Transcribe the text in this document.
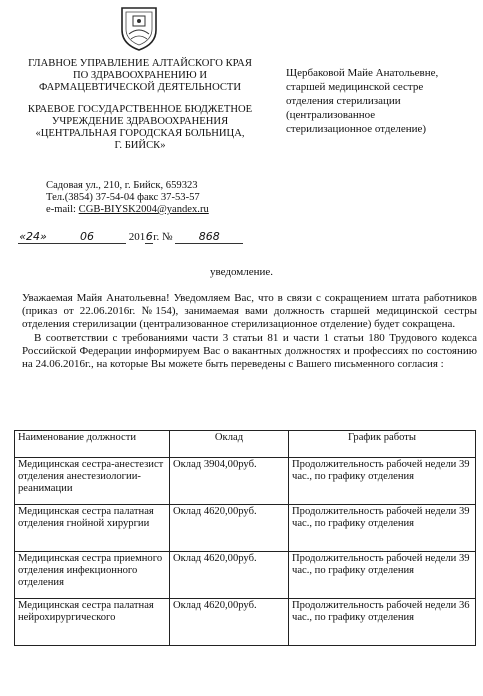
ГЛАВНОЕ УПРАВЛЕНИЕ АЛТАЙСКОГО КРАЯ
ПО ЗДРАВООХРАНЕНИЮ И
ФАРМАЦЕВТИЧЕСКОЙ ДЕЯТЕЛЬНОСТИ
КРАЕВОЕ ГОСУДАРСТВЕННОЕ БЮДЖЕТНОЕ
УЧРЕЖДЕНИЕ ЗДРАВООХРАНЕНИЯ
«ЦЕНТРАЛЬНАЯ ГОРОДСКАЯ БОЛЬНИЦА,
Г. БИЙСК»
Садовая ул., 210, г. Бийск, 659323
Тел.(3854) 37-54-04 факс 37-53-57
e-mail: CGB-BIYSK2004@yandex.ru
Щербаковой Майе Анатольевне,
старшей медицинской сестре
отделения стерилизации
(централизованное
стерилизационное отделение)
«24»	06	2016г. № 868
уведомление.

Уважаемая Майя Анатольевна! Уведомляем Вас, что в связи с сокращением штата работников (приказ от 22.06.2016г. №154), занимаемая вами должность старшей медицинской сестры отделения стерилизации (централизованное стерилизационное отделение) будет сокращена.

В соответствии с требованиями части 3 статьи 81 и части 1 статьи 180 Трудового кодекса Российской Федерации информируем Вас о вакантных должностях и профессиях по состоянию на 24.06.2016г., на которые Вы можете быть переведены с Вашего письменного согласия :

Наименование должности	Оклад	График работы
Медицинская сестра-анестезист отделения анестезиологии-реанимации	Оклад 3904,00руб.	Продолжительность рабочей недели 39 час., по графику отделения
Медицинская сестра палатная отделения гнойной хирургии	Оклад 4620,00руб.	Продолжительность рабочей недели 39 час., по графику отделения
Медицинская сестра приемного отделения инфекционного отделения	Оклад 4620,00руб.	Продолжительность рабочей недели 39 час., по графику отделения
Медицинская сестра палатная нейрохирургического	Оклад 4620,00руб.	Продолжительность рабочей недели 36 час., по графику отделения
